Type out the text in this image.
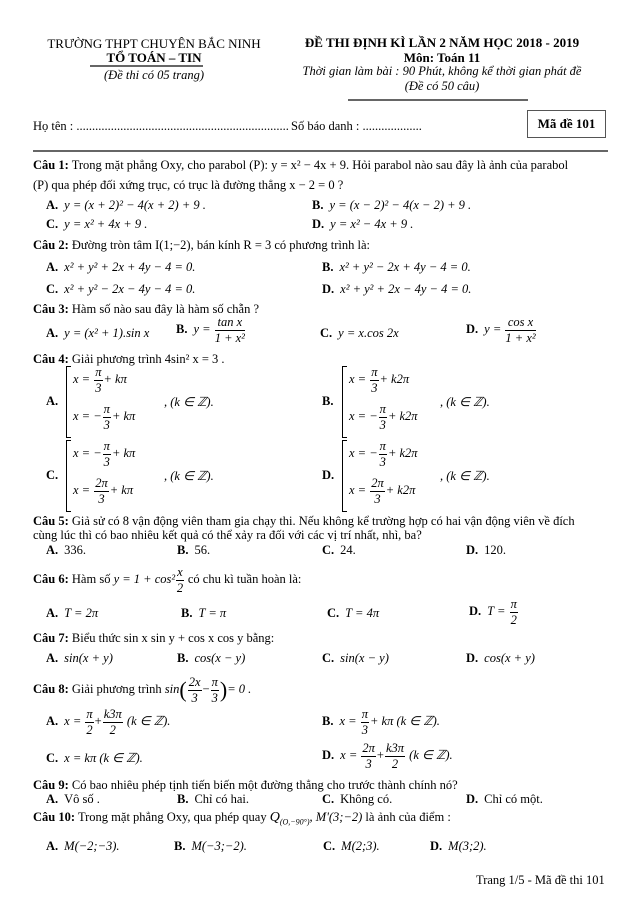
TRƯỜNG THPT CHUYÊN BẮC NINH
TỔ TOÁN – TIN
(Đề thi có 05 trang)
ĐỀ THI ĐỊNH KÌ LẦN 2 NĂM HỌC 2018 - 2019
Môn: Toán 11
Thời gian làm bài : 90 Phút, không kể thời gian phát đề
(Đề có 50 câu)
Họ tên : .................................................................... Số báo danh : ...................	Mã đề 101
Câu 1: Trong mặt phẳng Oxy, cho parabol (P): y = x² − 4x + 9. Hỏi parabol nào sau đây là ảnh của parabol
(P) qua phép đối xứng trục, có trục là đường thẳng x − 2 = 0 ?
A. y = (x + 2)² − 4(x + 2) + 9 .	B. y = (x − 2)² − 4(x − 2) + 9 .
C. y = x² + 4x + 9 .	D. y = x² − 4x + 9 .
Câu 2: Đường tròn tâm I(1;−2), bán kính R = 3 có phương trình là:
A. x² + y² + 2x + 4y − 4 = 0.	B. x² + y² − 2x + 4y − 4 = 0.
C. x² + y² − 2x − 4y − 4 = 0.	D. x² + y² + 2x − 4y − 4 = 0.
Câu 3: Hàm số nào sau đây là hàm số chẵn ?
A. y = (x² + 1).sin x B. $y = \frac{\text{tan x}}{\text{1 + x²}}$	C. y = x.cos 2x	D. $y = \frac{\text{cos x}}{\text{1 + x²}}$
Câu 4: Giải phương trình 4sin² x = 3 .
A.
$x = \frac{\pi}{3} + k\pi$
x = − $\frac{\pi}{3} + k\pi$
, (k ∈ ℤ).	B.
$x = \frac{\pi}{3} + k2\pi$
x = − $\frac{\pi}{3} + k2\pi$
, (k ∈ ℤ).
C.
x = − $\frac{\pi}{3} + k\pi$
$x = \frac{2\pi}{3} + k\pi$
, (k ∈ ℤ).	D.
x = − $\frac{\pi}{3} + k2\pi$
$x = \frac{2\pi}{3} + k2\pi$
, (k ∈ ℤ).
Câu 5: Giả sử có 8 vận động viên tham gia chạy thi. Nếu không kể trường hợp có hai vận động viên về đích
cùng lúc thì có bao nhiêu kết quả có thể xảy ra đối với các vị trí nhất, nhì, ba?
A. 336.	B. 56.	C. 24.	D. 120.
Câu 6: Hàm số $y = 1 + \cos^2 \frac{x}{2}$ có chu kì tuần hoàn là:
A. T = 2π	B. T = π	C. T = 4π	D. $T = \frac{\pi}{2}$
Câu 7: Biểu thức sin x sin y + cos x cos y bằng:
A. sin(x + y)	B. cos(x − y)	C. sin(x − y)	D. cos(x + y)
Câu 8: Giải phương trình $\sin( \frac{2x}{3} - \frac{\pi}{3}$ )= 0 .
A. $x = \frac{\pi}{2} + \frac{k3\pi}{2} (k$ ∈ ℤ).	B. $x = \frac{\pi}{3} + k\pi$ (k ∈ ℤ).
C. x = kπ (k ∈ ℤ).	D. $x = \frac{2\pi}{3} + \frac{k3\pi}{2} (k$ ∈ ℤ).
Câu 9: Có bao nhiêu phép tịnh tiến biến một đường thẳng cho trước thành chính nó?
A. Vô số .	B. Chỉ có hai.	C. Không có.	D. Chỉ có một.
Câu 10: Trong mặt phẳng Oxy, qua phép quay $Q_{(O,-90^\circ)}$, M'(3;−2) là ảnh của điểm :
A. M(−2;−3).	B. M(−3;−2).	C. M(2;3).	D. M(3;2).
Trang 1/5 - Mã đề thi 101
